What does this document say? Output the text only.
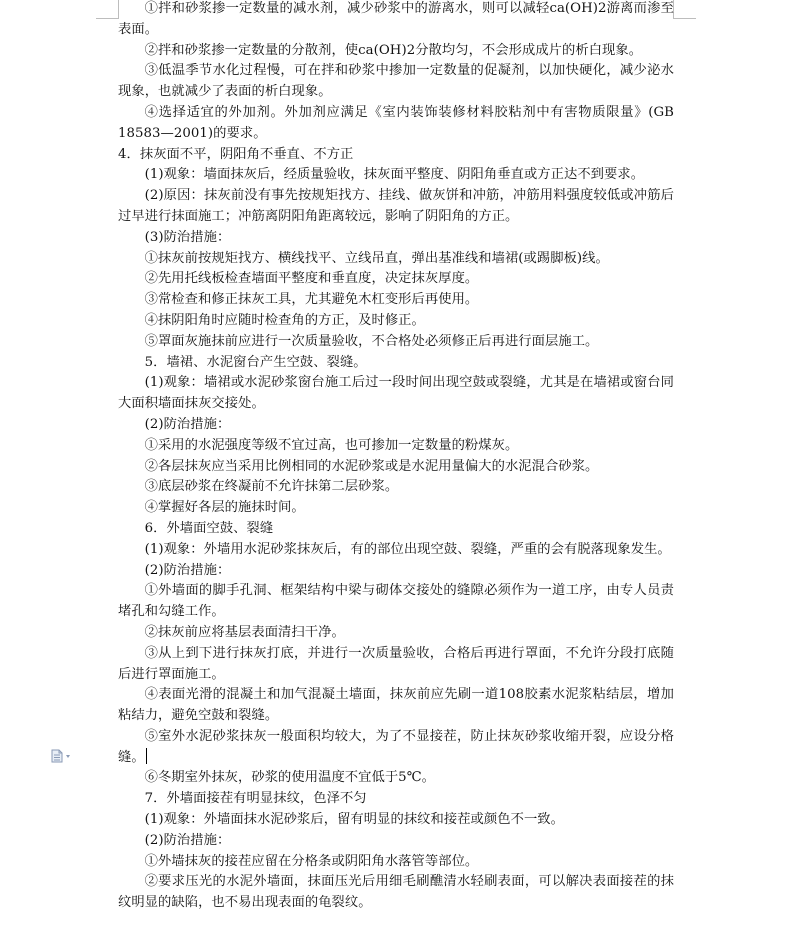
①拌和砂浆掺一定数量的减水剂，减少砂浆中的游离水，则可以减轻ca(OH)2游离而渗至表面。

②拌和砂浆掺一定数量的分散剂，使ca(OH)2分散均匀，不会形成成片的析白现象。

③低温季节水化过程慢，可在拌和砂浆中掺加一定数量的促凝剂，以加快硬化，减少泌水现象，也就减少了表面的析白现象。

④选择适宜的外加剂。外加剂应满足《室内装饰装修材料胶粘剂中有害物质限量》(GB 18583—2001)的要求。

4．抹灰面不平，阴阳角不垂直、不方正

(1)观象：墙面抹灰后，经质量验收，抹灰面平整度、阴阳角垂直或方正达不到要求。

(2)原因：抹灰前没有事先按规矩找方、挂线、做灰饼和冲筋，冲筋用料强度较低或冲筋后过早进行抹面施工；冲筋离阴阳角距离较远，影响了阴阳角的方正。

(3)防治措施：

①抹灰前按规矩找方、横线找平、立线吊直，弹出基准线和墙裙(或踢脚板)线。

②先用托线板检查墙面平整度和垂直度，决定抹灰厚度。

③常检查和修正抹灰工具，尤其避免木杠变形后再使用。

④抹阴阳角时应随时检查角的方正，及时修正。

⑤罩面灰施抹前应进行一次质量验收，不合格处必须修正后再进行面层施工。

5．墙裙、水泥窗台产生空鼓、裂缝。

(1)观象：墙裙或水泥砂浆窗台施工后过一段时间出现空鼓或裂缝，尤其是在墙裙或窗台同大面积墙面抹灰交接处。

(2)防治措施：

①采用的水泥强度等级不宜过高，也可掺加一定数量的粉煤灰。

②各层抹灰应当采用比例相同的水泥砂浆或是水泥用量偏大的水泥混合砂浆。

③底层砂浆在终凝前不允许抹第二层砂浆。

④掌握好各层的施抹时间。

6．外墙面空鼓、裂缝

(1)观象：外墙用水泥砂浆抹灰后，有的部位出现空鼓、裂缝，严重的会有脱落现象发生。

(2)防治措施：

①外墙面的脚手孔洞、框架结构中梁与砌体交接处的缝隙必须作为一道工序，由专人员责堵孔和勾缝工作。

②抹灰前应将基层表面清扫干净。

③从上到下进行抹灰打底，并进行一次质量验收，合格后再进行罩面，不允许分段打底随后进行罩面施工。

④表面光滑的混凝土和加气混凝土墙面，抹灰前应先刷一道108胶素水泥浆粘结层，增加粘结力，避免空鼓和裂缝。

⑤室外水泥砂浆抹灰一般面积均较大，为了不显接茬，防止抹灰砂浆收缩开裂，应设分格缝。

⑥冬期室外抹灰，砂浆的使用温度不宜低于5℃。

7．外墙面接茬有明显抹纹，色泽不匀

(1)观象：外墙面抹水泥砂浆后，留有明显的抹纹和接茬或颜色不一致。

(2)防治措施：

①外墙抹灰的接茬应留在分格条或阴阳角水落管等部位。

②要求压光的水泥外墙面，抹面压光后用细毛刷醮清水轻刷表面，可以解决表面接茬的抹纹明显的缺陷，也不易出现表面的龟裂纹。
